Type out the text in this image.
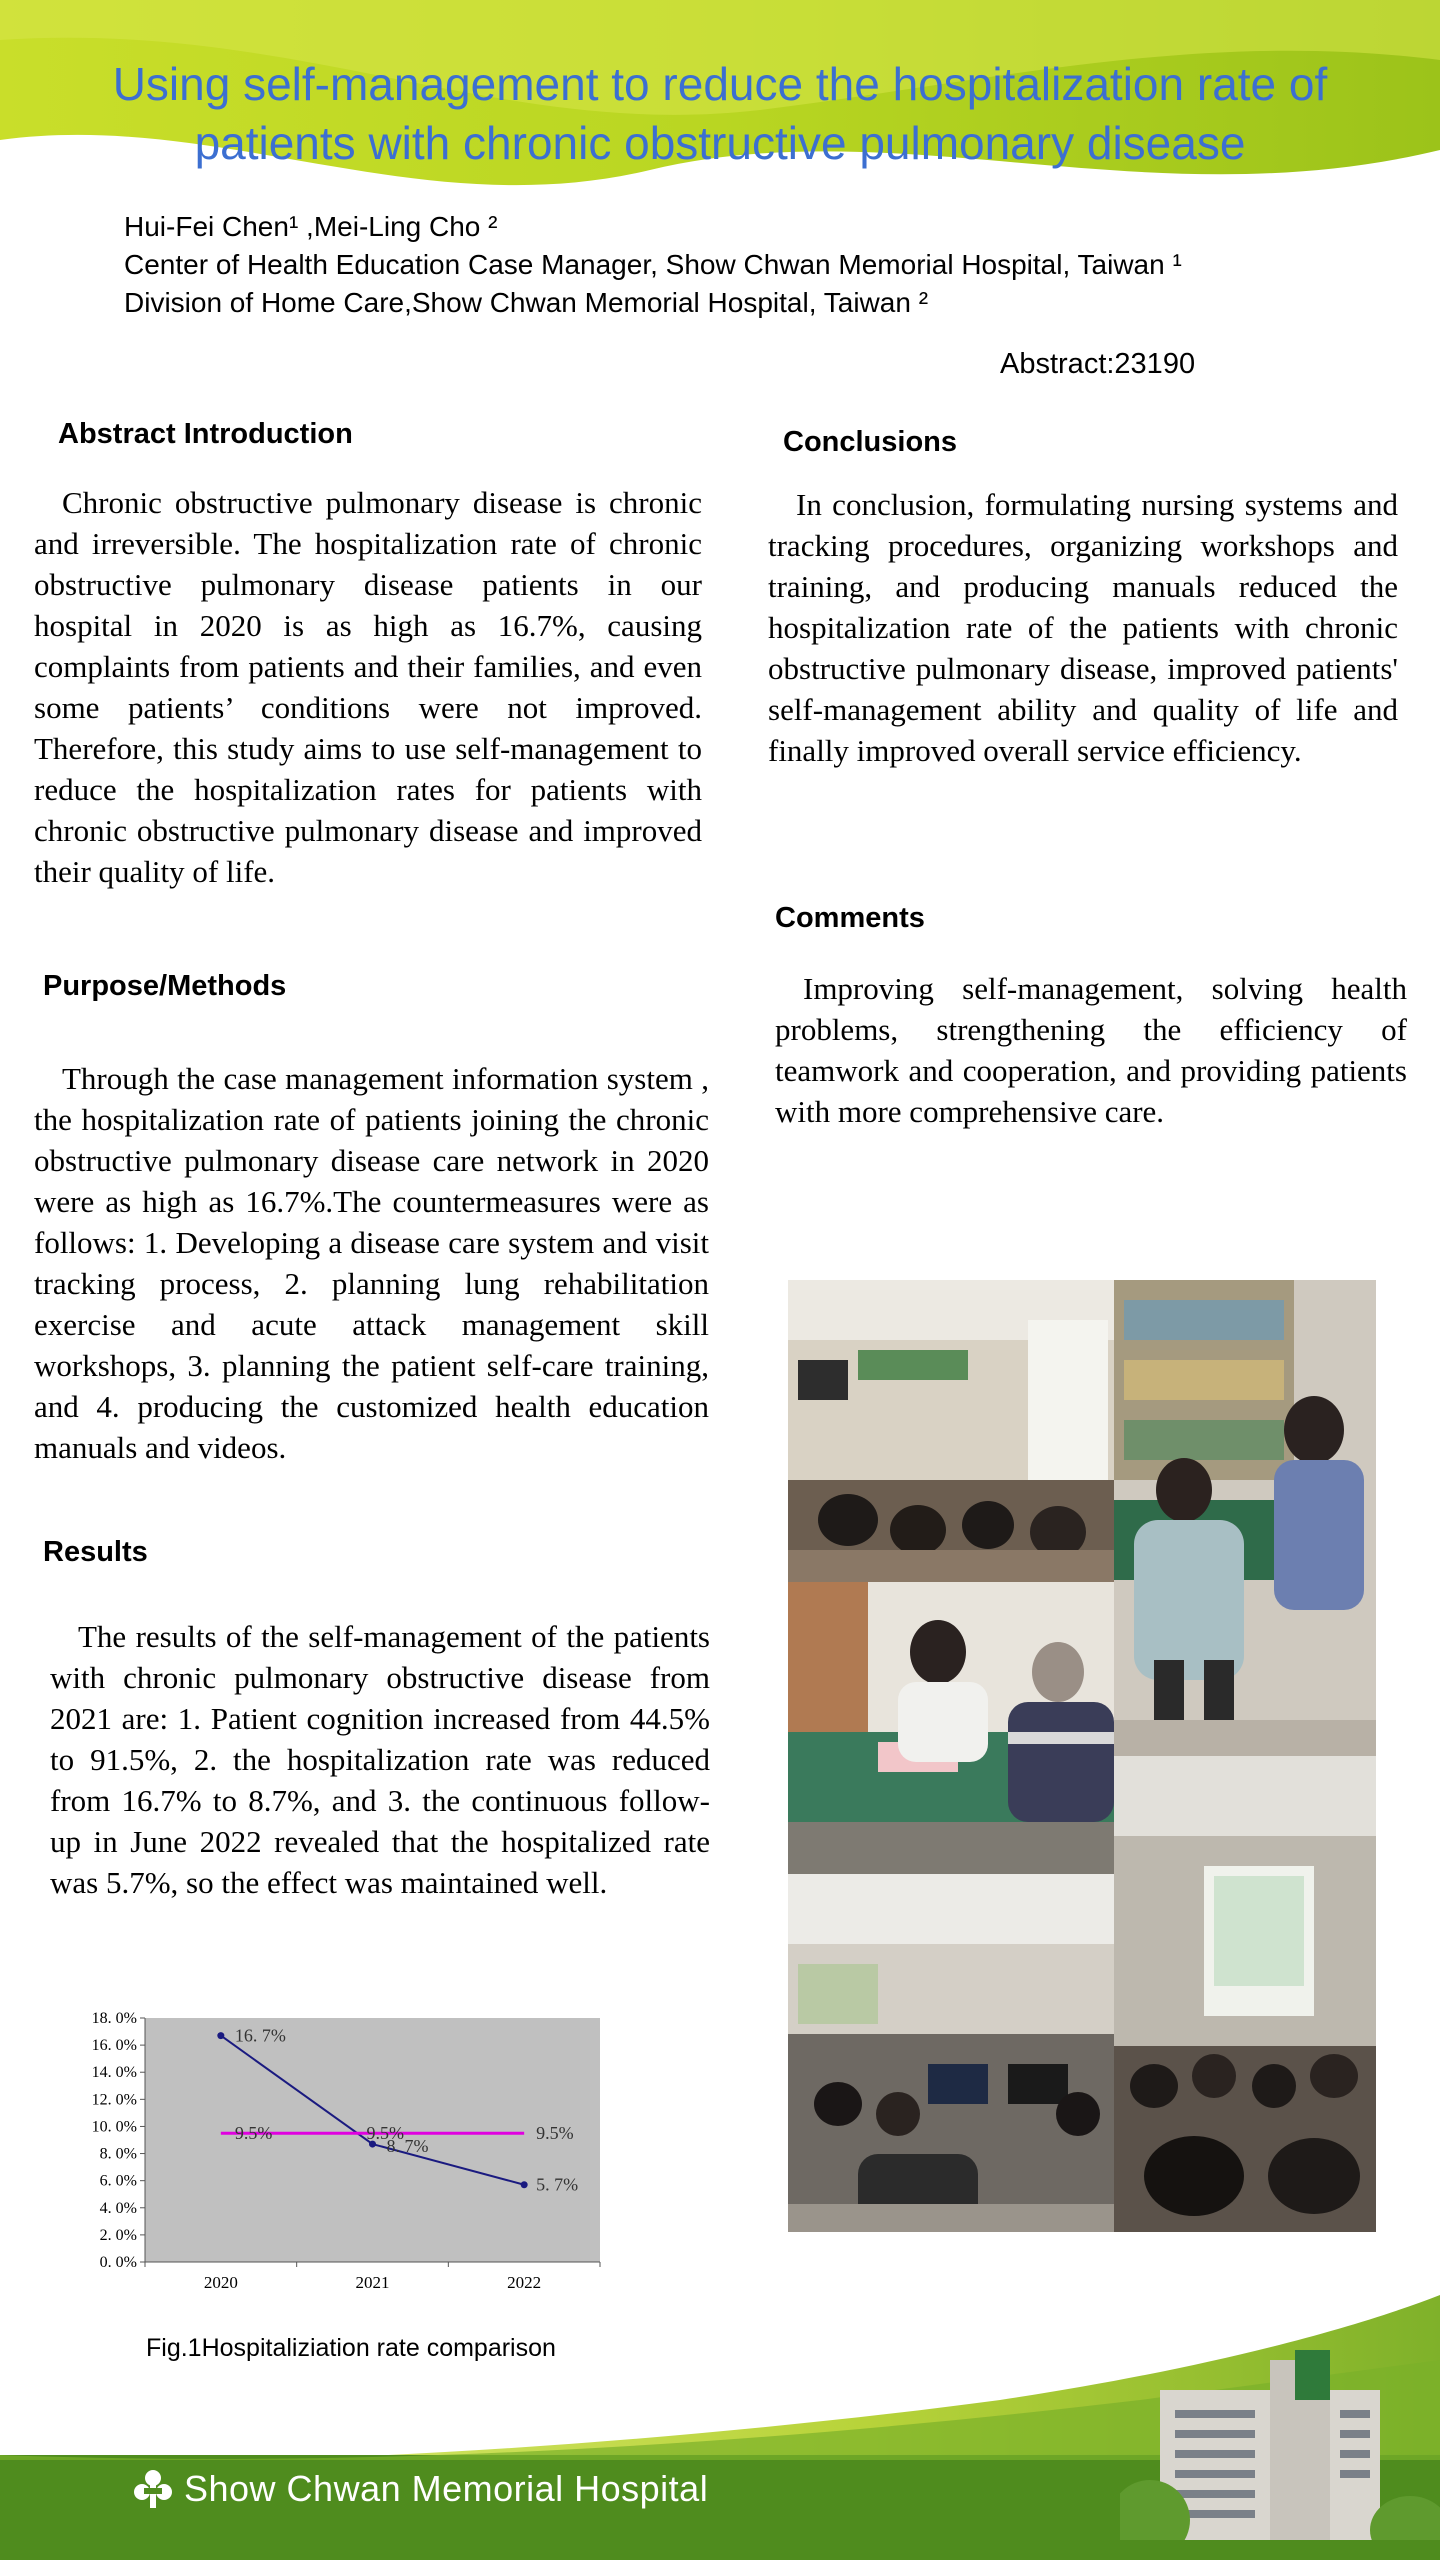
Using self-management to reduce the hospitalization rate of patients with chronic obstructive pulmonary disease
Hui-Fei Chen¹ ,Mei-Ling Cho ²
Center of Health Education Case Manager, Show Chwan Memorial Hospital, Taiwan ¹
Division of Home Care,Show Chwan Memorial Hospital, Taiwan ²
Abstract:23190
Abstract Introduction
Chronic obstructive pulmonary disease is chronic and irreversible. The hospitalization rate of chronic obstructive pulmonary disease patients in our hospital in 2020 is as high as 16.7%, causing complaints from patients and their families, and even some patients’ conditions were not improved. Therefore, this study aims to use self-management to reduce the hospitalization rates for patients with chronic obstructive pulmonary disease and improved their quality of life.
Purpose/Methods
Through the case management information system , the hospitalization rate of patients joining the chronic obstructive pulmonary disease care network in 2020 were as high as 16.7%.The countermeasures were as follows: 1. Developing a disease care system and visit tracking process, 2. planning lung rehabilitation exercise and acute attack management skill workshops, 3. planning the patient self-care training, and 4. producing the customized health education manuals and videos.
Results
The results of the self-management of the patients with chronic pulmonary obstructive disease from 2021 are: 1. Patient cognition increased from 44.5% to 91.5%, 2. the hospitalization rate was reduced from 16.7% to 8.7%, and 3. the continuous follow-up in June 2022 revealed that the hospitalized rate was 5.7%, so the effect was maintained well.
Conclusions
In conclusion, formulating nursing systems and tracking procedures, organizing workshops and training, and producing manuals reduced the hospitalization rate of the patients with chronic obstructive pulmonary disease, improved patients' self-management ability and quality of life and finally improved overall service efficiency.
Comments
Improving self-management, solving health problems, strengthening the efficiency of teamwork and cooperation, and providing patients with more comprehensive care.
0. 0%
2. 0%
4. 0%
6. 0%
8. 0%
10. 0%
12. 0%
14. 0%
16. 0%
18. 0%
2020	2021	2022
16. 7%
8. 7%
5. 7%
9.5%	9.5%	9.5%
Fig.1Hospitaliziation rate comparison
Show Chwan Memorial Hospital
